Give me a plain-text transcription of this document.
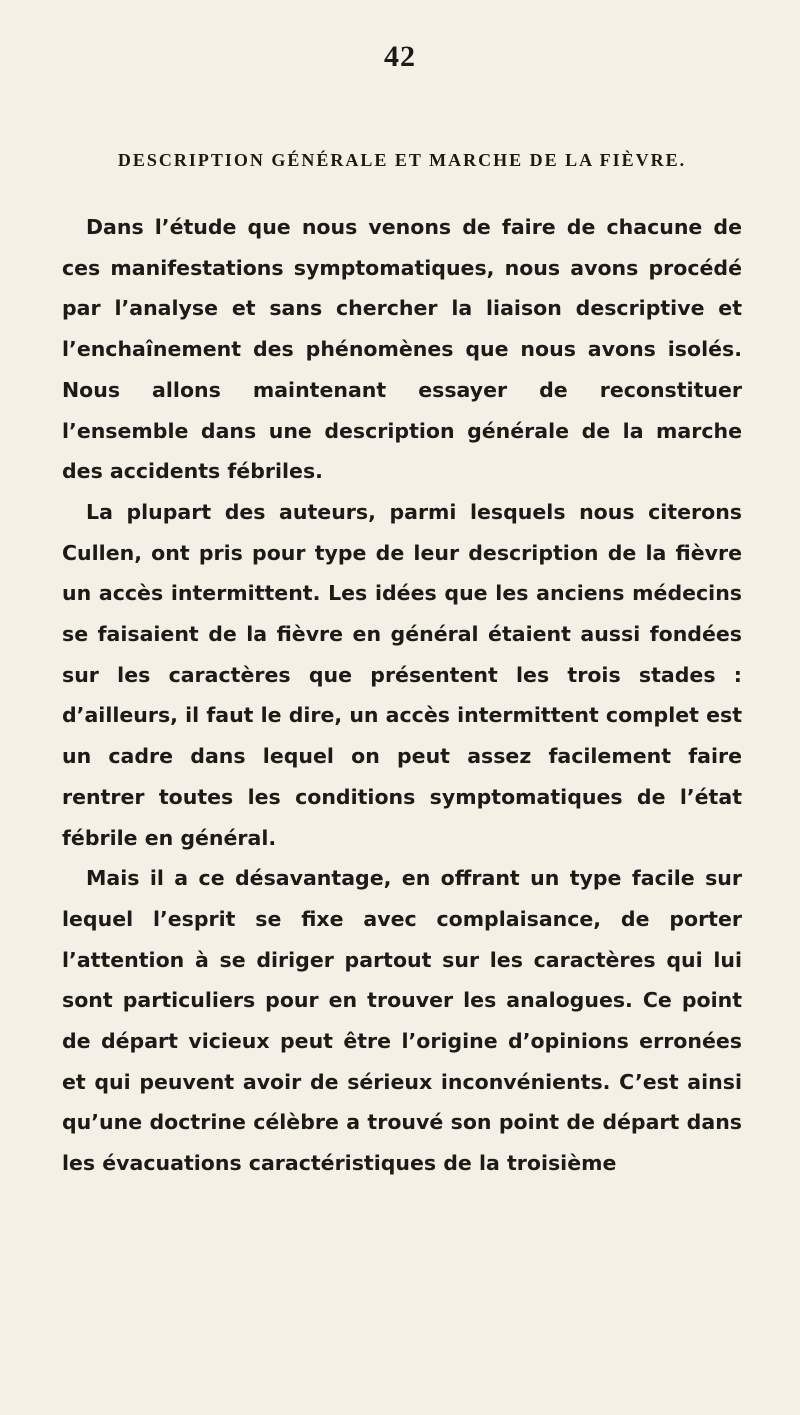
42
DESCRIPTION GÉNÉRALE ET MARCHE DE LA FIÈVRE.

Dans l’étude que nous venons de faire de chacune de ces manifestations symptomatiques, nous avons procédé par l’analyse et sans chercher la liaison descriptive et l’enchaînement des phénomènes que nous avons isolés. Nous allons maintenant essayer de reconstituer l’ensemble dans une description générale de la marche des accidents fébriles.

La plupart des auteurs, parmi lesquels nous citerons Cullen, ont pris pour type de leur description de la fièvre un accès intermittent. Les idées que les anciens médecins se faisaient de la fièvre en général étaient aussi fondées sur les caractères que présentent les trois stades : d’ailleurs, il faut le dire, un accès intermittent complet est un cadre dans lequel on peut assez facilement faire rentrer toutes les conditions symptomatiques de l’état fébrile en général.

Mais il a ce désavantage, en offrant un type facile sur lequel l’esprit se fixe avec complaisance, de porter l’attention à se diriger partout sur les caractères qui lui sont particuliers pour en trouver les analogues. Ce point de départ vicieux peut être l’origine d’opinions erronées et qui peuvent avoir de sérieux inconvénients. C’est ainsi qu’une doctrine célèbre a trouvé son point de départ dans les évacuations caractéristiques de la troisième
